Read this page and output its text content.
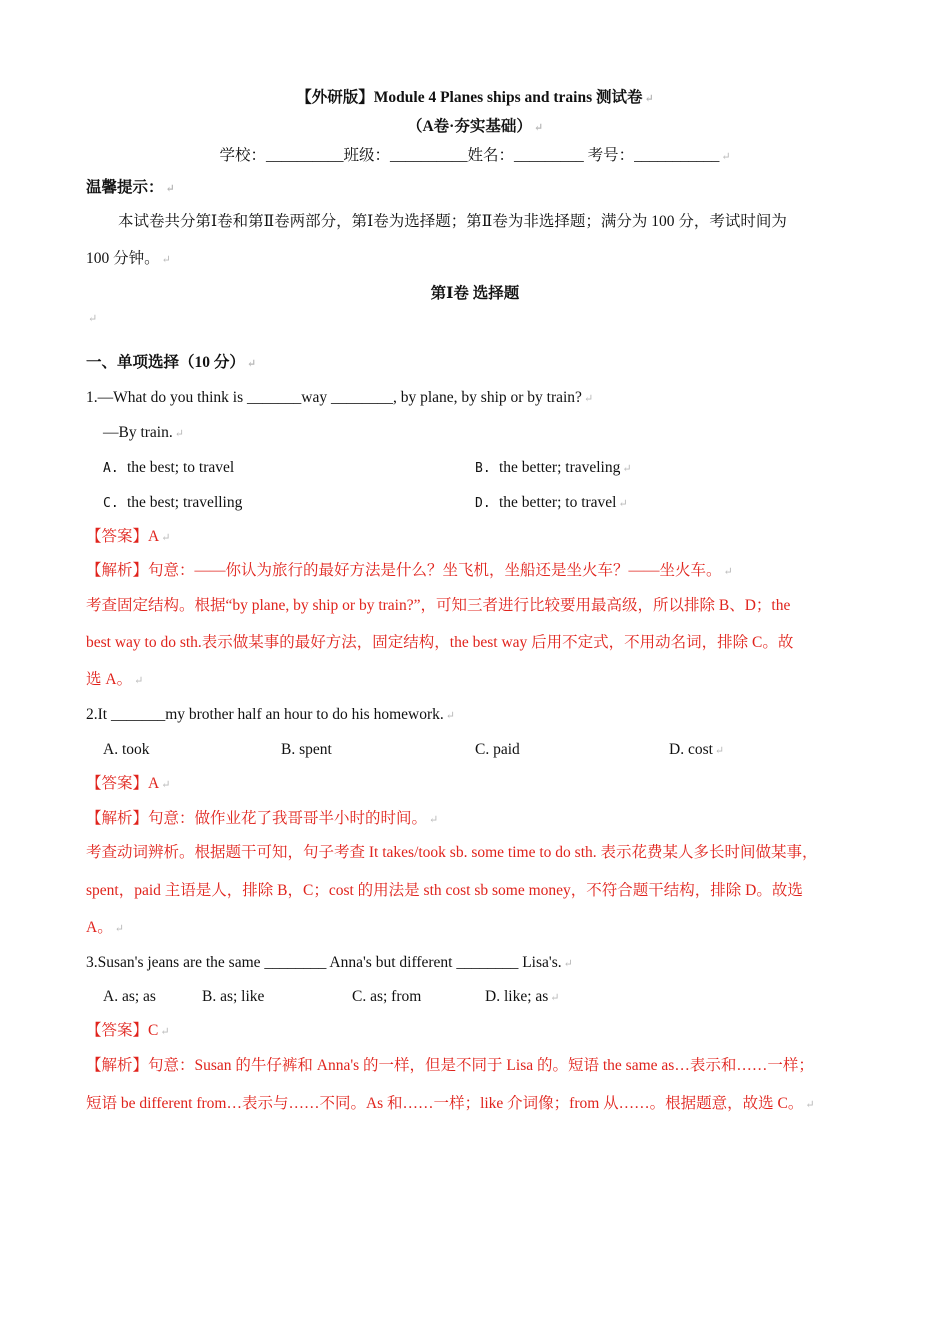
【外研版】Module 4 Planes ships and trains 测试卷 ↵
（A卷·夯实基础） ↵
学校：__________班级：__________姓名：_________ 考号：___________ ↵
温馨提示： ↵
本试卷共分第Ⅰ卷和第Ⅱ卷两部分，第Ⅰ卷为选择题；第Ⅱ卷为非选择题；满分为 100 分，考试时间为
100 分钟。 ↵
第Ⅰ卷 选择题
↵
一、单项选择（10 分） ↵
1.—What do you think is _______way ________, by plane, by ship or by train? ↵
—By train. ↵
A. the best; to travel	B. the better; traveling ↵
C. the best; travelling	D. the better; to travel ↵
【答案】A ↵
【解析】句意：——你认为旅行的最好方法是什么？坐飞机，坐船还是坐火车？——坐火车。 ↵
考查固定结构。根据“by plane, by ship or by train?”，可知三者进行比较要用最高级，所以排除 B、D；the
best way to do sth.表示做某事的最好方法，固定结构，the best way 后用不定式，不用动名词，排除 C。故
选 A。 ↵
2.It _______my brother half an hour to do his homework. ↵
A. took	B. spent	C. paid	D. cost ↵
【答案】A ↵
【解析】句意：做作业花了我哥哥半小时的时间。 ↵
考查动词辨析。根据题干可知，句子考查 It takes/took sb. some time to do sth. 表示花费某人多长时间做某事，
spent，paid 主语是人，排除 B，C；cost 的用法是 sth cost sb some money，不符合题干结构，排除 D。故选
A。 ↵
3.Susan's jeans are the same ________ Anna's but different ________ Lisa's. ↵
A. as; as	B. as; like	C. as; from	D. like; as ↵
【答案】C ↵
【解析】句意：Susan 的牛仔裤和 Anna's 的一样，但是不同于 Lisa 的。短语 the same as…表示和……一样；
短语 be different from…表示与……不同。As 和……一样；like 介词像；from 从……。根据题意，故选 C。 ↵
